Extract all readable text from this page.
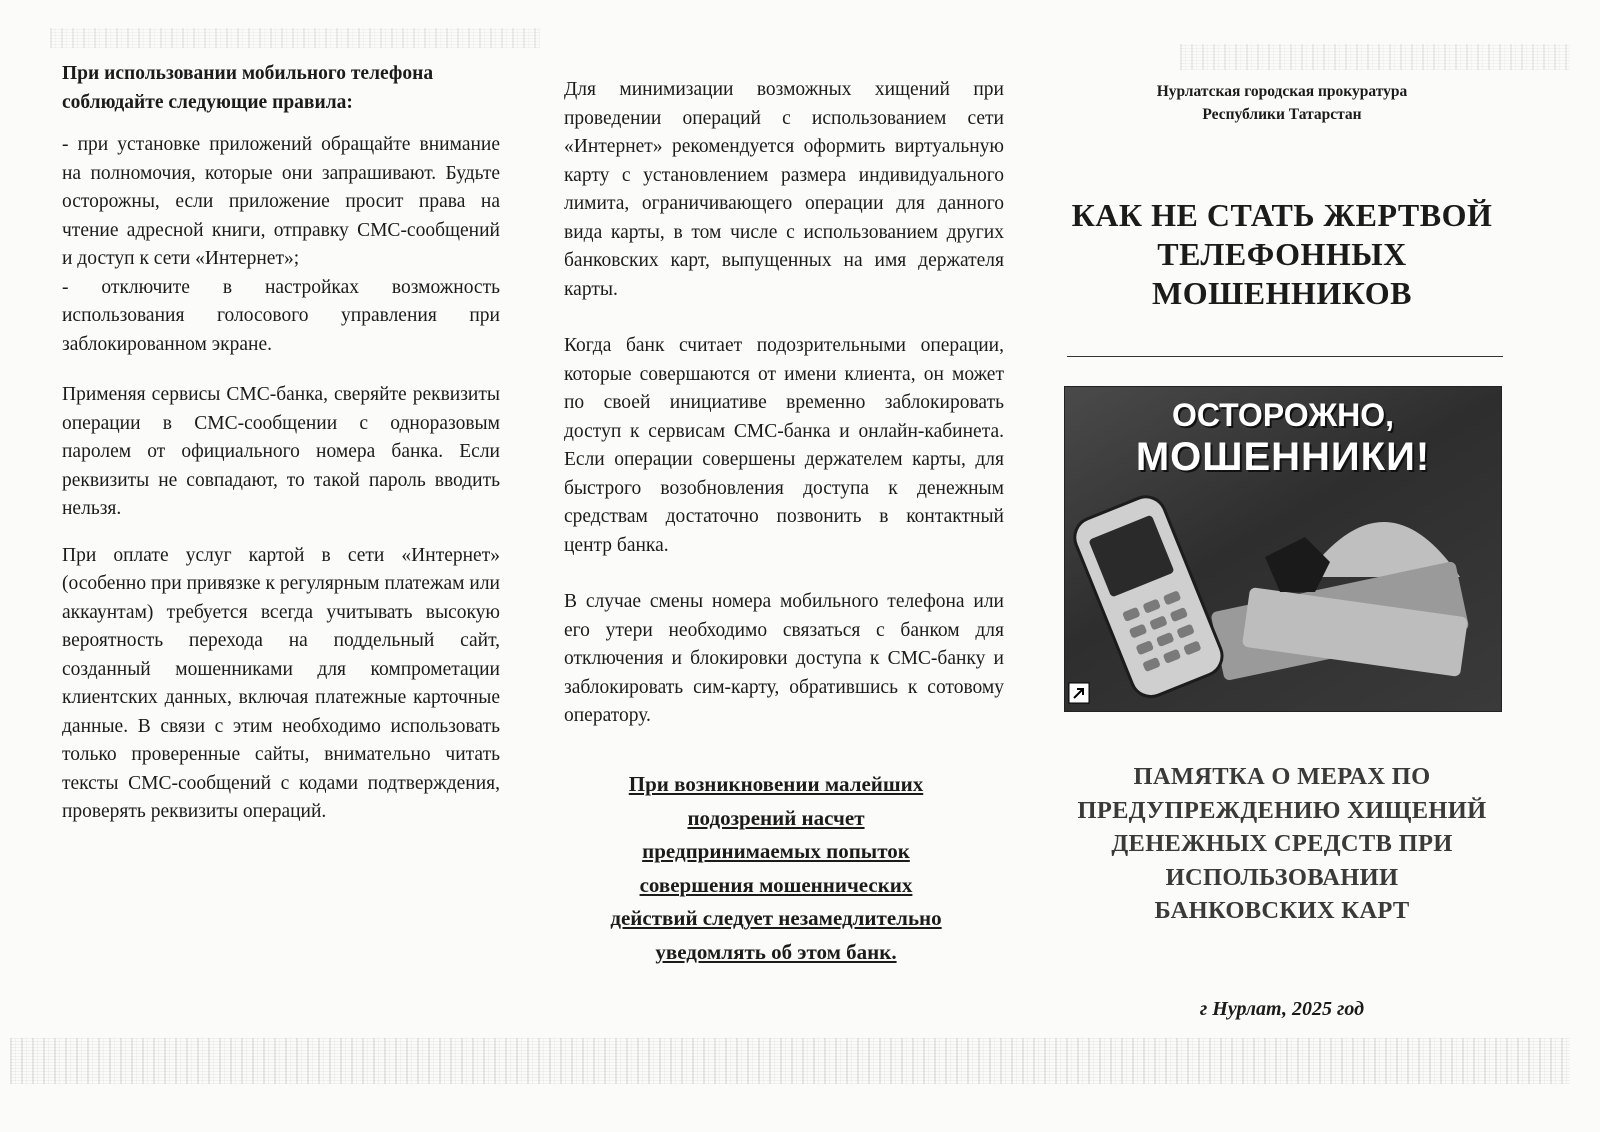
При использовании мобильного телефона соблюдайте следующие правила:

- при установке приложений обращайте внимание на полномочия, которые они запрашивают. Будьте осторожны, если приложение просит права на чтение адресной книги, отправку СМС-сообщений и доступ к сети «Интернет»;

- отключите в настройках возможность использования голосового управления при заблокированном экране.

Применяя сервисы СМС-банка, сверяйте реквизиты операции в СМС-сообщении с одноразовым паролем от официального номера банка. Если реквизиты не совпадают, то такой пароль вводить нельзя.

При оплате услуг картой в сети «Интернет» (особенно при привязке к регулярным платежам или аккаунтам) требуется всегда учитывать высокую вероятность перехода на поддельный сайт, созданный мошенниками для компрометации клиентских данных, включая платежные карточные данные. В связи с этим необходимо использовать только проверенные сайты, внимательно читать тексты СМС-сообщений с кодами подтверждения, проверять реквизиты операций.

Для минимизации возможных хищений при проведении операций с использованием сети «Интернет» рекомендуется оформить виртуальную карту с установлением размера индивидуального лимита, ограничивающего операции для данного вида карты, в том числе с использованием других банковских карт, выпущенных на имя держателя карты.

Когда банк считает подозрительными операции, которые совершаются от имени клиента, он может по своей инициативе временно заблокировать доступ к сервисам СМС-банка и онлайн-кабинета. Если операции совершены держателем карты, для быстрого возобновления доступа к денежным средствам достаточно позвонить в контактный центр банка.

В случае смены номера мобильного телефона или его утери необходимо связаться с банком для отключения и блокировки доступа к СМС-банку и заблокировать сим-карту, обратившись к сотовому оператору.

При возникновении малейших
подозрений насчет
предпринимаемых попыток
совершения мошеннических
действий следует незамедлительно
уведомлять об этом банк.
Нурлатская городская прокуратура
Республики Татарстан
КАК НЕ СТАТЬ ЖЕРТВОЙ
ТЕЛЕФОННЫХ
МОШЕННИКОВ
ОСТОРОЖНО,
МОШЕННИКИ!
ПАМЯТКА О МЕРАХ ПО
ПРЕДУПРЕЖДЕНИЮ ХИЩЕНИЙ
ДЕНЕЖНЫХ СРЕДСТВ ПРИ
ИСПОЛЬЗОВАНИИ
БАНКОВСКИХ КАРТ
г Нурлат, 2025 год
